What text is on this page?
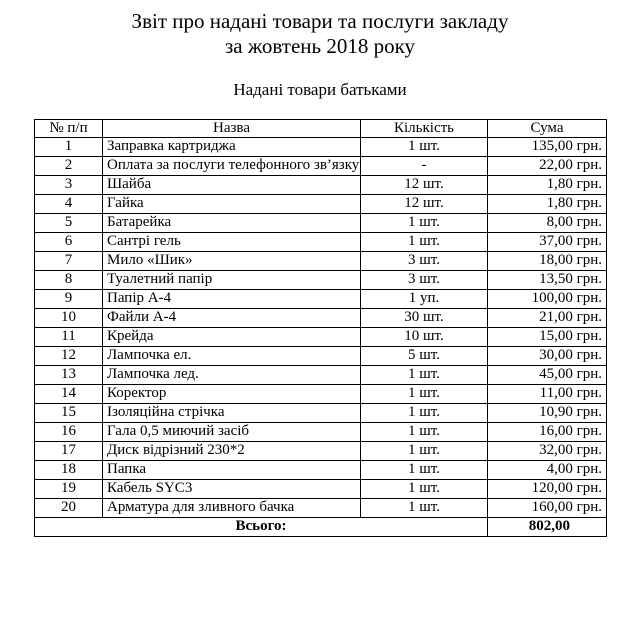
Звіт про надані товари та послуги закладу
за жовтень 2018 року
Надані товари батьками
№ п/п	Назва	Кількість	Сума
1	Заправка картриджа	1 шт.	135,00 грн.
2	Оплата за послуги телефонного зв’язку	-	22,00 грн.
3	Шайба	12 шт.	1,80 грн.
4	Гайка	12 шт.	1,80 грн.
5	Батарейка	1 шт.	8,00 грн.
6	Сантрі гель	1 шт.	37,00 грн.
7	Мило «Шик»	3 шт.	18,00 грн.
8	Туалетний папір	3 шт.	13,50 грн.
9	Папір А-4	1 уп.	100,00 грн.
10	Файли А-4	30 шт.	21,00 грн.
11	Крейда	10 шт.	15,00 грн.
12	Лампочка ел.	5 шт.	30,00 грн.
13	Лампочка лед.	1 шт.	45,00 грн.
14	Коректор	1 шт.	11,00 грн.
15	Ізоляційна стрічка	1 шт.	10,90 грн.
16	Гала 0,5 миючий засіб	1 шт.	16,00 грн.
17	Диск відрізний 230*2	1 шт.	32,00 грн.
18	Папка	1 шт.	4,00 грн.
19	Кабель SYC3	1 шт.	120,00 грн.
20	Арматура для зливного бачка	1 шт.	160,00 грн.
Всього:			802,00
